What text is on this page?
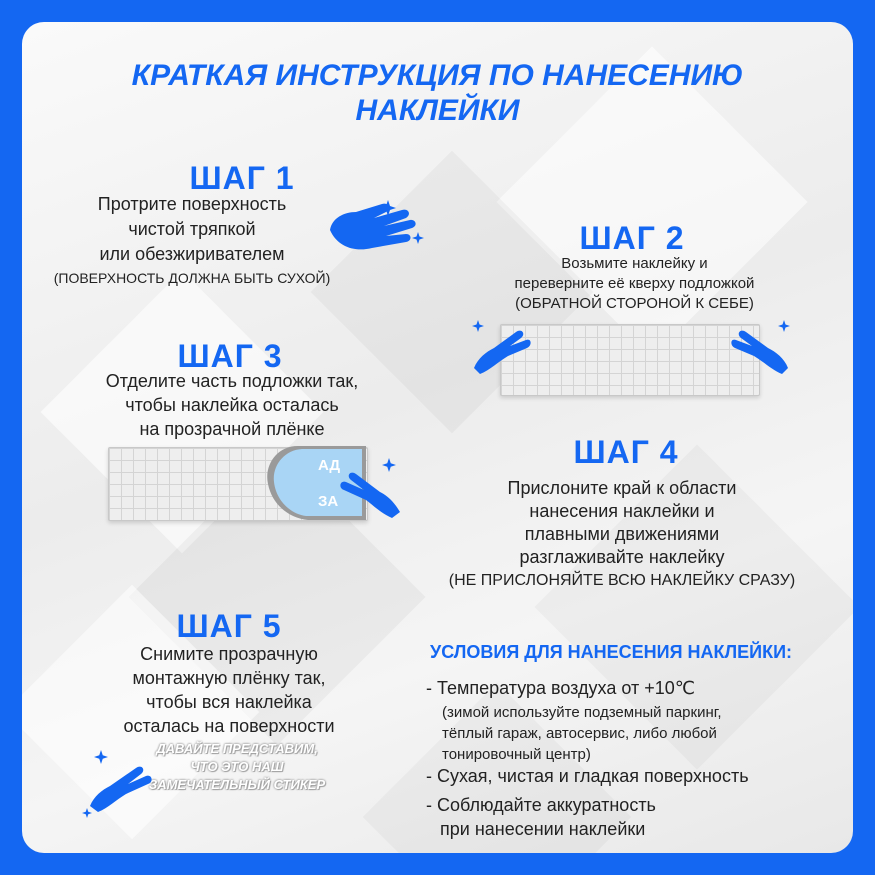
КРАТКАЯ ИНСТРУКЦИЯ ПО НАНЕСЕНИЮ
НАКЛЕЙКИ
ШАГ 1
Протрите поверхность
чистой тряпкой
или обезжиривателем
(ПОВЕРХНОСТЬ ДОЛЖНА БЫТЬ СУХОЙ)
ШАГ 2
Возьмите наклейку и
переверните её кверху подложкой
(ОБРАТНОЙ СТОРОНОЙ К СЕБЕ)
ШАГ 3
Отделите часть подложки так,
чтобы наклейка осталась
на прозрачной плёнке
АД
ЗА
ШАГ 4
Прислоните край к области
нанесения наклейки и
плавными движениями
разглаживайте наклейку
(НЕ ПРИСЛОНЯЙТЕ ВСЮ НАКЛЕЙКУ СРАЗУ)
ШАГ 5
Снимите прозрачную
монтажную плёнку так,
чтобы вся наклейка
осталась на поверхности
ДАВАЙТЕ ПРЕДСТАВИМ,
ЧТО ЭТО НАШ
ЗАМЕЧАТЕЛЬНЫЙ СТИКЕР
УСЛОВИЯ ДЛЯ НАНЕСЕНИЯ НАКЛЕЙКИ:

- Температура воздуха от +10℃

(зимой используйте подземный паркинг,
тёплый гараж, автосервис, либо любой
тонировочный центр)

- Сухая, чистая и гладкая поверхность

- Соблюдайте аккуратность

при нанесении наклейки
